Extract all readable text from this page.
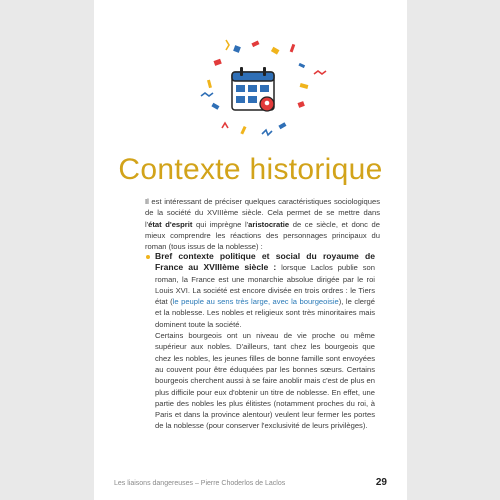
Contexte historique
Il est intéressant de préciser quelques caractéristiques sociologiques de la société du XVIIIème siècle. Cela permet de se mettre dans l'état d'esprit qui imprègne l'aristocratie de ce siècle, et donc de mieux comprendre les réactions des personnages principaux du roman (tous issus de la noblesse) :

Bref contexte politique et social du royaume de France au XVIIIème siècle : lorsque Laclos publie son roman, la France est une monarchie absolue dirigée par le roi Louis XVI. La société est encore divisée en trois ordres : le Tiers état (le peuple au sens très large, avec la bourgeoisie), le clergé et la noblesse. Les nobles et religieux sont très minoritaires mais dominent toute la société.

Certains bourgeois ont un niveau de vie proche ou même supérieur aux nobles. D'ailleurs, tant chez les bourgeois que chez les nobles, les jeunes filles de bonne famille sont envoyées au couvent pour être éduquées par les bonnes sœurs. Certains bourgeois cherchent aussi à se faire anoblir mais c'est de plus en plus difficile pour eux d'obtenir un titre de noblesse. En effet, une partie des nobles les plus élitistes (notamment proches du roi, à Paris et dans la province alentour) veulent leur fermer les portes de la noblesse (pour conserver l'exclusivité de leurs privilèges).

Les liaisons dangereuses – Pierre Choderlos de Laclos	29
